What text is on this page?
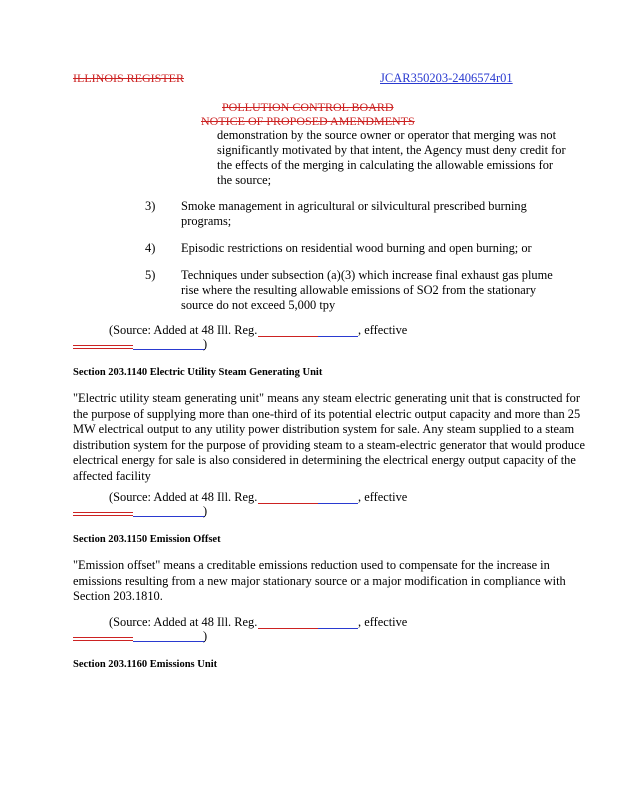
ILLINOIS REGISTER	JCAR350203-2406574r01
POLLUTION CONTROL BOARD
NOTICE OF PROPOSED AMENDMENTS
demonstration by the source owner or operator that merging was not significantly motivated by that intent, the Agency must deny credit for the effects of the merging in calculating the allowable emissions for the source;
3) Smoke management in agricultural or silvicultural prescribed burning programs;
4) Episodic restrictions on residential wood burning and open burning; or
5) Techniques under subsection (a)(3) which increase final exhaust gas plume rise where the resulting allowable emissions of SO2 from the stationary source do not exceed 5,000 tpy
(Source: Added at 48 Ill. Reg.	, effective
)
Section 203.1140 Electric Utility Steam Generating Unit
"Electric utility steam generating unit" means any steam electric generating unit that is constructed for the purpose of supplying more than one-third of its potential electric output capacity and more than 25 MW electrical output to any utility power distribution system for sale. Any steam supplied to a steam distribution system for the purpose of providing steam to a steam-electric generator that would produce electrical energy for sale is also considered in determining the electrical energy output capacity of the affected facility
(Source: Added at 48 Ill. Reg.	, effective
)
Section 203.1150 Emission Offset
"Emission offset" means a creditable emissions reduction used to compensate for the increase in emissions resulting from a new major stationary source or a major modification in compliance with Section 203.1810.
(Source: Added at 48 Ill. Reg.	, effective
)
Section 203.1160 Emissions Unit
